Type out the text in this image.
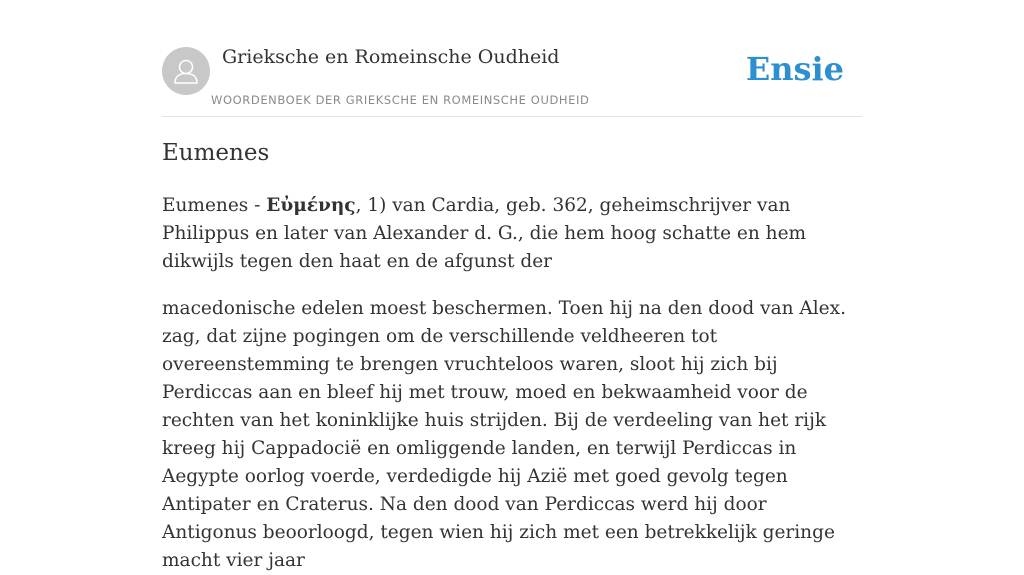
Grieksche en Romeinsche Oudheid
WOORDENBOEK DER GRIEKSCHE EN ROMEINSCHE OUDHEID
Ensie
Eumenes

Eumenes - Εὐμένης, 1) van Cardia, geb. 362, geheimschrijver van Philippus en later van Alexander d. G., die hem hoog schatte en hem dikwijls tegen den haat en de afgunst der

macedonische edelen moest beschermen. Toen hij na den dood van Alex. zag, dat zijne pogingen om de verschillende veldheeren tot overeenstemming te brengen vruchteloos waren, sloot hij zich bij Perdiccas aan en bleef hij met trouw, moed en bekwaamheid voor de rechten van het koninklijke huis strijden. Bij de verdeeling van het rijk kreeg hij Cappadocië en omliggende landen, en terwijl Perdiccas in Aegypte oorlog voerde, verdedigde hij Azië met goed gevolg tegen Antipater en Craterus. Na den dood van Perdiccas werd hij door Antigonus beoorloogd, tegen wien hij zich met een betrekkelijk geringe macht vier jaar
